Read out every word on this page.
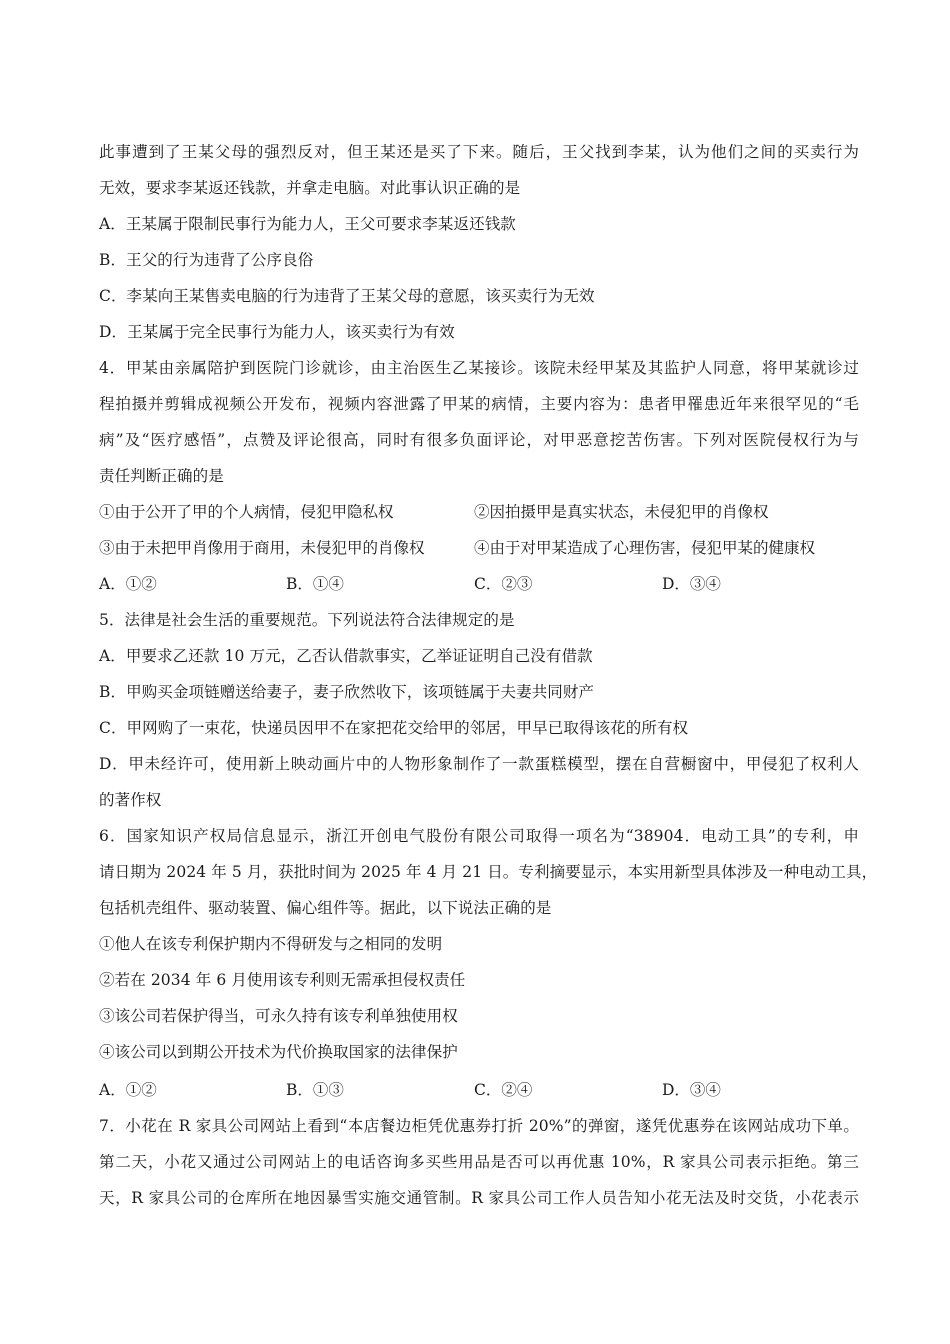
此事遭到了王某父母的强烈反对，但王某还是买了下来。随后，王父找到李某，认为他们之间的买卖行为
无效，要求李某返还钱款，并拿走电脑。对此事认识正确的是
A．王某属于限制民事行为能力人，王父可要求李某返还钱款
B．王父的行为违背了公序良俗
C．李某向王某售卖电脑的行为违背了王某父母的意愿，该买卖行为无效
D．王某属于完全民事行为能力人，该买卖行为有效
4．甲某由亲属陪护到医院门诊就诊，由主治医生乙某接诊。该院未经甲某及其监护人同意，将甲某就诊过
程拍摄并剪辑成视频公开发布，视频内容泄露了甲某的病情，主要内容为：患者甲罹患近年来很罕见的“毛
病”及“医疗感悟”，点赞及评论很高，同时有很多负面评论，对甲恶意挖苦伤害。下列对医院侵权行为与
责任判断正确的是
①由于公开了甲的个人病情，侵犯甲隐私权	②因拍摄甲是真实状态，未侵犯甲的肖像权
③由于未把甲肖像用于商用，未侵犯甲的肖像权	④由于对甲某造成了心理伤害，侵犯甲某的健康权
A．①②	B．①④	C．②③	D．③④
5．法律是社会生活的重要规范。下列说法符合法律规定的是
A．甲要求乙还款 10 万元，乙否认借款事实，乙举证证明自己没有借款
B．甲购买金项链赠送给妻子，妻子欣然收下，该项链属于夫妻共同财产
C．甲网购了一束花，快递员因甲不在家把花交给甲的邻居，甲早已取得该花的所有权
D．甲未经许可，使用新上映动画片中的人物形象制作了一款蛋糕模型，摆在自营橱窗中，甲侵犯了权利人
的著作权
6．国家知识产权局信息显示，浙江开创电气股份有限公司取得一项名为“38904．电动工具”的专利，申
请日期为 2024 年 5 月，获批时间为 2025 年 4 月 21 日。专利摘要显示，本实用新型具体涉及一种电动工具，
包括机壳组件、驱动装置、偏心组件等。据此，以下说法正确的是
①他人在该专利保护期内不得研发与之相同的发明
②若在 2034 年 6 月使用该专利则无需承担侵权责任
③该公司若保护得当，可永久持有该专利单独使用权
④该公司以到期公开技术为代价换取国家的法律保护
A．①②	B．①③	C．②④	D．③④
7．小花在 R 家具公司网站上看到“本店餐边柜凭优惠券打折 20%”的弹窗，遂凭优惠券在该网站成功下单。
第二天，小花又通过公司网站上的电话咨询多买些用品是否可以再优惠 10%，R 家具公司表示拒绝。第三
天，R 家具公司的仓库所在地因暴雪实施交通管制。R 家具公司工作人员告知小花无法及时交货，小花表示
